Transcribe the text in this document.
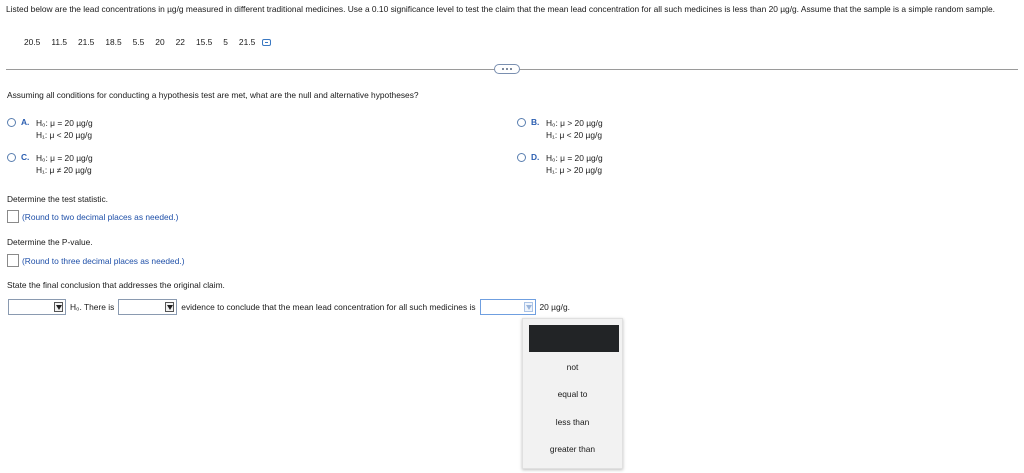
Listed below are the lead concentrations in µg/g measured in different traditional medicines. Use a 0.10 significance level to test the claim that the mean lead concentration for all such medicines is less than 20 µg/g. Assume that the sample is a simple random sample.
20.5 11.5 21.5 18.5 5.5 20 22 15.5 5 21.5
Assuming all conditions for conducting a hypothesis test are met, what are the null and alternative hypotheses?
A. H₀: μ = 20 µg/g
H₁: μ < 20 µg/g
B. H₀: μ > 20 µg/g
H₁: μ < 20 µg/g
C. H₀: μ = 20 µg/g
H₁: μ ≠ 20 µg/g
D. H₀: μ = 20 µg/g
H₁: μ > 20 µg/g
Determine the test statistic.
(Round to two decimal places as needed.)
Determine the P-value.
(Round to three decimal places as needed.)
State the final conclusion that addresses the original claim.
H₀. There is	evidence to conclude that the mean lead concentration for all such medicines is	20 µg/g.
not
equal to
less than
greater than
